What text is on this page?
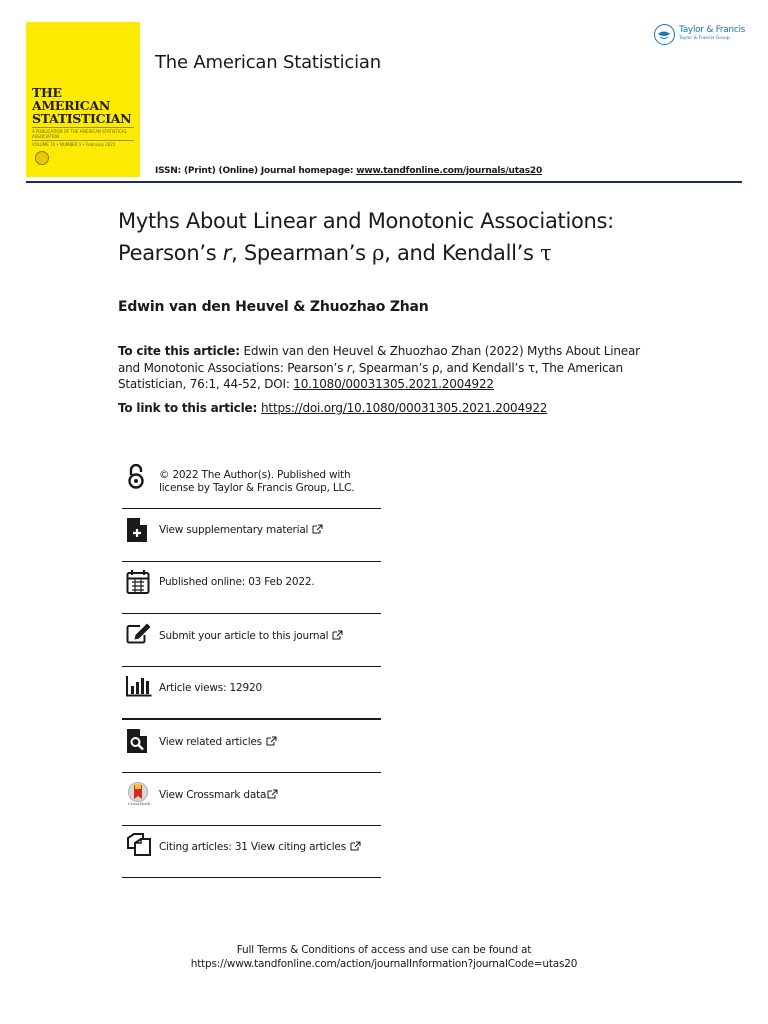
THE
AMERICAN
STATISTICIAN
A PUBLICATION OF THE AMERICAN STATISTICAL ASSOCIATION
VOLUME 76 • NUMBER 1 • February 2022
The American Statistician
ISSN: (Print) (Online) Journal homepage: www.tandfonline.com/journals/utas20
Taylor & Francis
Taylor & Francis Group
Myths About Linear and Monotonic Associations:
Pearson’s r, Spearman’s ρ, and Kendall’s τ
Edwin van den Heuvel & Zhuozhao Zhan
To cite this article: Edwin van den Heuvel & Zhuozhao Zhan (2022) Myths About Linear and Monotonic Associations: Pearson’s r, Spearman’s ρ, and Kendall’s τ, The American Statistician, 76:1, 44-52, DOI: 10.1080/00031305.2021.2004922
To link to this article: https://doi.org/10.1080/00031305.2021.2004922
© 2022 The Author(s). Published with
license by Taylor & Francis Group, LLC.
View supplementary material
Published online: 03 Feb 2022.
Submit your article to this journal
Article views: 12920
View related articles
CrossMark
View Crossmark data
Citing articles: 31 View citing articles
Full Terms & Conditions of access and use can be found at
https://www.tandfonline.com/action/journalInformation?journalCode=utas20
